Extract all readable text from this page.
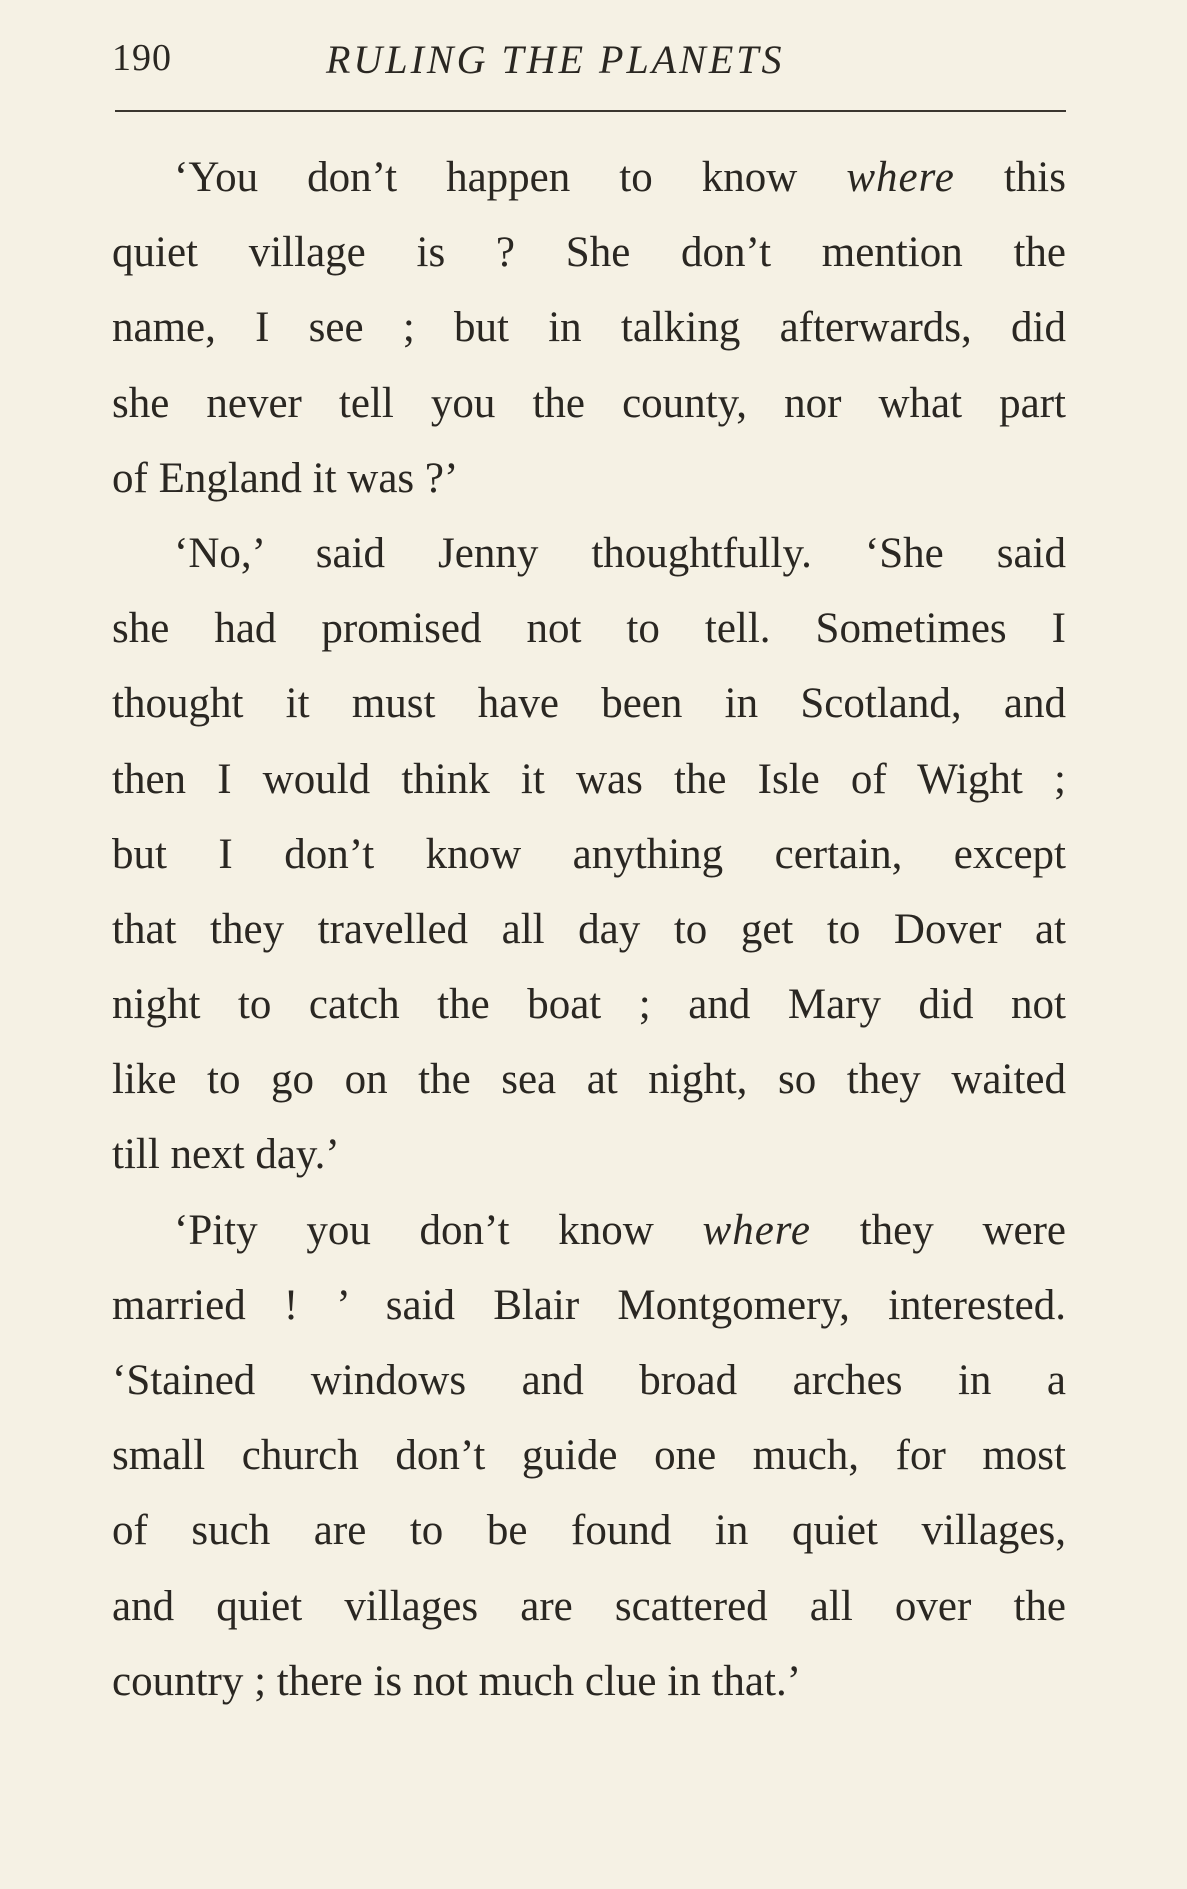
190	RULING THE PLANETS
‘You don’t happen to know where this
quiet village is ? She don’t mention the
name, I see ; but in talking afterwards, did
she never tell you the county, nor what part
of England it was ?’
‘No,’ said Jenny thoughtfully. ‘She said
she had promised not to tell. Sometimes I
thought it must have been in Scotland, and
then I would think it was the Isle of Wight ;
but I don’t know anything certain, except
that they travelled all day to get to Dover at
night to catch the boat ; and Mary did not
like to go on the sea at night, so they waited
till next day.’
‘Pity you don’t know where they were
married ! ’ said Blair Montgomery, interested.
‘Stained windows and broad arches in a
small church don’t guide one much, for most
of such are to be found in quiet villages,
and quiet villages are scattered all over the
country ; there is not much clue in that.’
